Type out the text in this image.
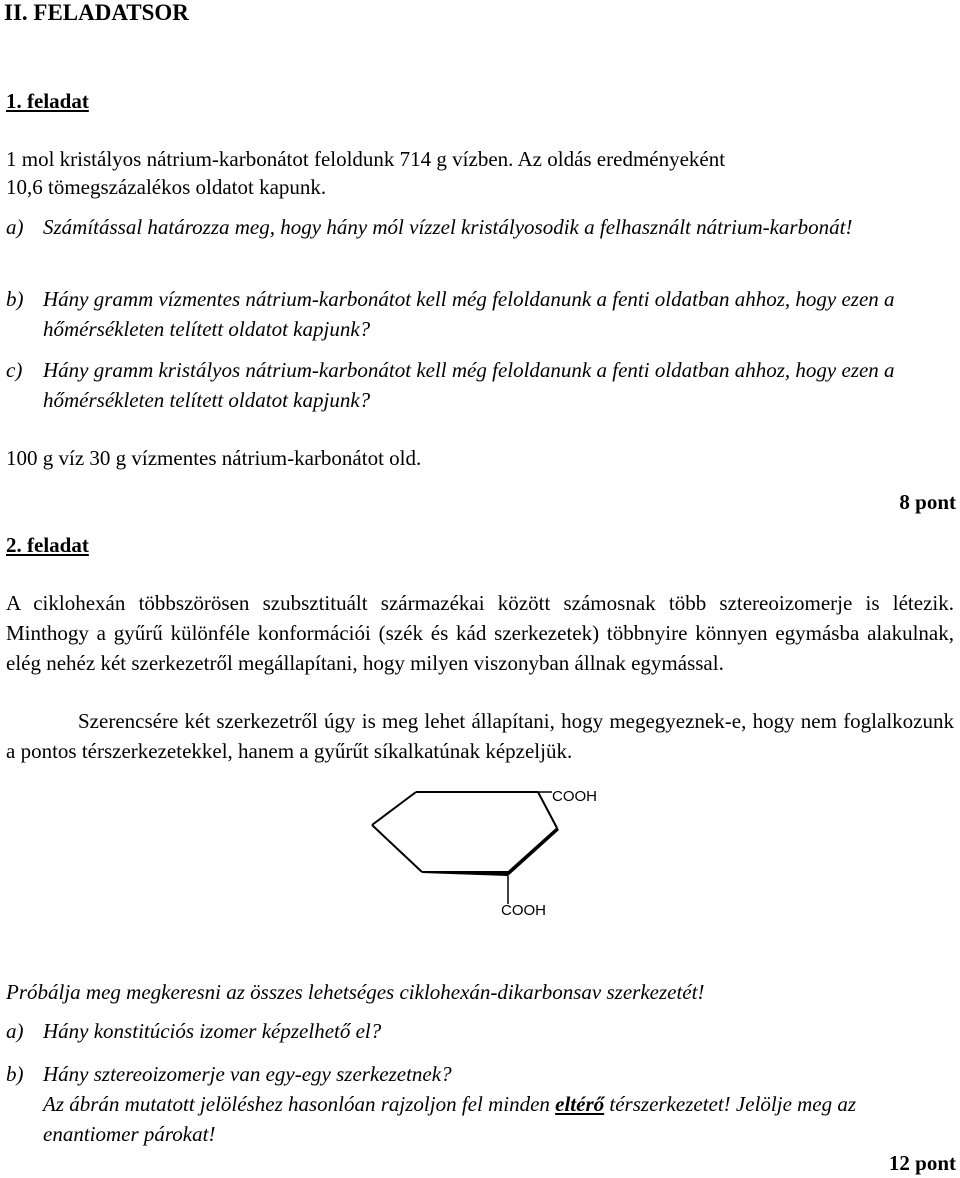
II. FELADATSOR
1. feladat
1 mol kristályos nátrium-karbonátot feloldunk 714 g vízben. Az oldás eredményeként
10,6 tömegszázalékos oldatot kapunk.
a) Számítással határozza meg, hogy hány mól vízzel kristályosodik a felhasznált nátrium-karbonát!
b) Hány gramm vízmentes nátrium-karbonátot kell még feloldanunk a fenti oldatban ahhoz, hogy ezen a hőmérsékleten telített oldatot kapjunk?
c) Hány gramm kristályos nátrium-karbonátot kell még feloldanunk a fenti oldatban ahhoz, hogy ezen a hőmérsékleten telített oldatot kapjunk?
100 g víz 30 g vízmentes nátrium-karbonátot old.
8 pont
2. feladat
A ciklohexán többszörösen szubsztituált származékai között számosnak több sztereoizomerje is létezik. Minthogy a gyűrű különféle konformációi (szék és kád szerkezetek) többnyire könnyen egymásba alakulnak, elég nehéz két szerkezetről megállapítani, hogy milyen viszonyban állnak egymással.
Szerencsére két szerkezetről úgy is meg lehet állapítani, hogy megegyeznek-e, hogy nem foglalkozunk a pontos térszerkezetekkel, hanem a gyűrűt síkalkatúnak képzeljük.
COOH
COOH
Próbálja meg megkeresni az összes lehetséges ciklohexán-dikarbonsav szerkezetét!
a) Hány konstitúciós izomer képzelhető el?
b) Hány sztereoizomerje van egy-egy szerkezetnek?
Az ábrán mutatott jelöléshez hasonlóan rajzoljon fel minden eltérő térszerkezetet! Jelölje meg az enantiomer párokat!
12 pont
